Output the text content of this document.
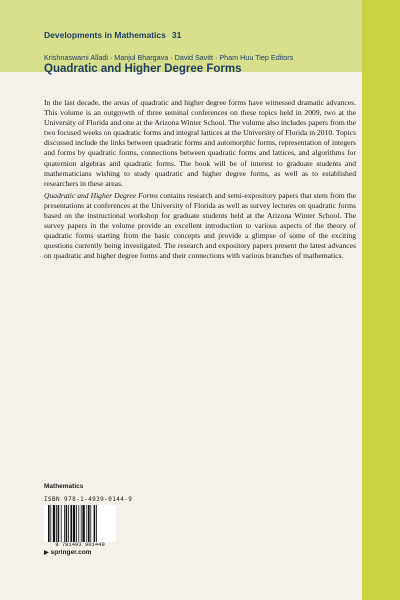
Developments in Mathematics 31
Krishnaswami Alladi · Manjul Bhargava · David Savitt · Pham Huu Tiep Editors
Quadratic and Higher Degree Forms

In the last decade, the areas of quadratic and higher degree forms have witnessed dramatic advances. This volume is an outgrowth of three seminal conferences on these topics held in 2009, two at the University of Florida and one at the Arizona Winter School. The volume also includes papers from the two focused weeks on quadratic forms and integral lattices at the University of Florida in 2010. Topics discussed include the links between quadratic forms and automorphic forms, representation of integers and forms by quadratic forms, connections between quadratic forms and lattices, and algorithms for quaternion algebras and quadratic forms. The book will be of interest to graduate students and mathematicians wishing to study quadratic and higher degree forms, as well as to established researchers in these areas.

Quadratic and Higher Degree Forms contains research and semi-expository papers that stem from the presentations at conferences at the University of Florida as well as survey lectures on quadratic forms based on the instructional workshop for graduate students held at the Arizona Winter School. The survey papers in the volume provide an excellent introduction to various aspects of the theory of quadratic forms starting from the basic concepts and provide a glimpse of some of the exciting questions currently being investigated. The research and expository papers present the latest advances on quadratic and higher degree forms and their connections with various branches of mathematics.

Mathematics
ISBN 978-1-4939-0144-9
9 781493 901449
▶ springer.com
